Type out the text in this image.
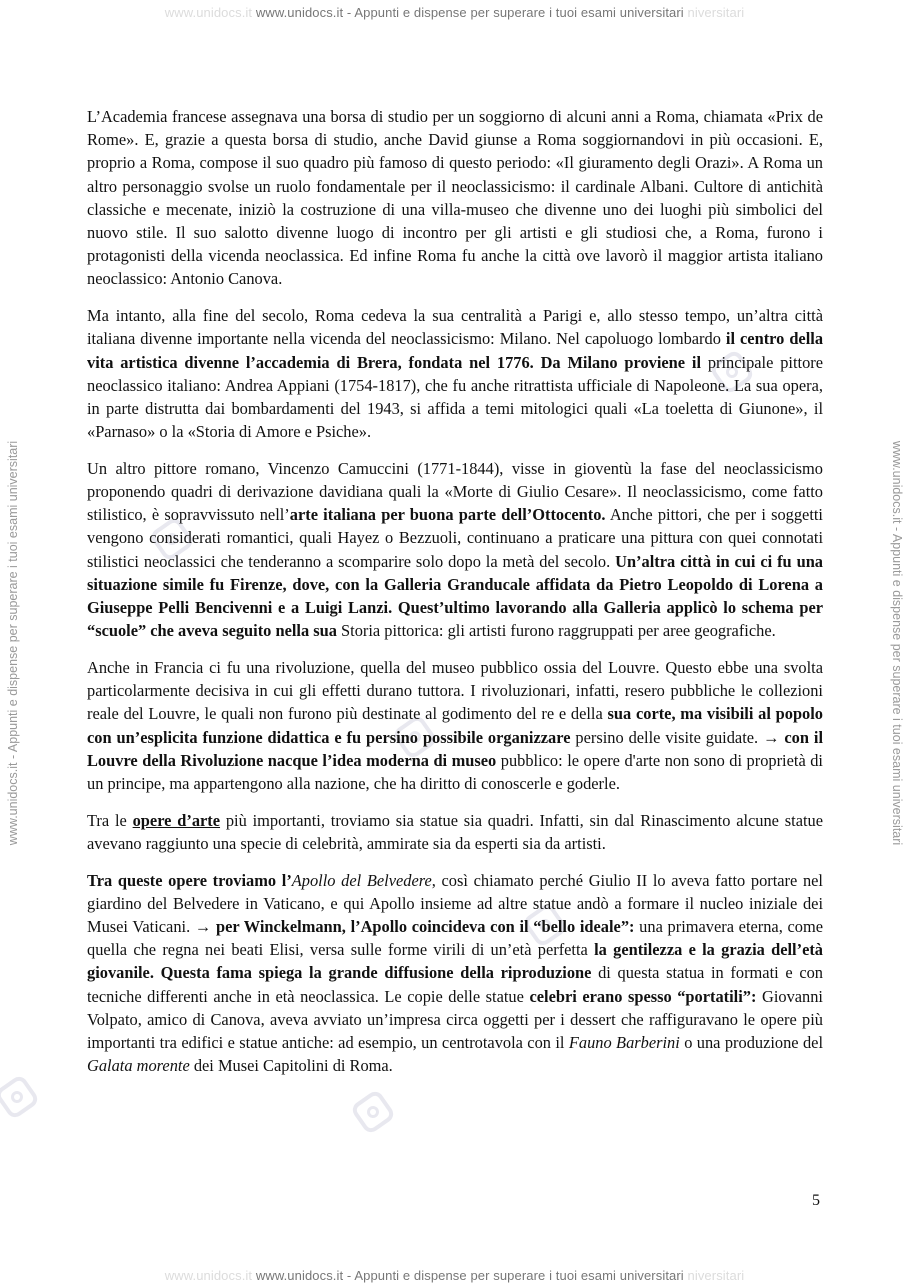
www.unidocs.it www.unidocs.it - Appunti e dispense per superare i tuoi esami universitari niversitari
www.unidocs.it - Appunti e dispense per superare i tuoi esami universitari	www.unidocs.it - Appunti e dispense per superare i tuoi esami universitari

L’Academia francese assegnava una borsa di studio per un soggiorno di alcuni anni a Roma, chiamata «Prix de Rome». E, grazie a questa borsa di studio, anche David giunse a Roma soggiornandovi in più occasioni. E, proprio a Roma, compose il suo quadro più famoso di questo periodo: «Il giuramento degli Orazi». A Roma un altro personaggio svolse un ruolo fondamentale per il neoclassicismo: il cardinale Albani. Cultore di antichità classiche e mecenate, iniziò la costruzione di una villa-museo che divenne uno dei luoghi più simbolici del nuovo stile. Il suo salotto divenne luogo di incontro per gli artisti e gli studiosi che, a Roma, furono i protagonisti della vicenda neoclassica. Ed infine Roma fu anche la città ove lavorò il maggior artista italiano neoclassico: Antonio Canova.

Ma intanto, alla fine del secolo, Roma cedeva la sua centralità a Parigi e, allo stesso tempo, un’altra città italiana divenne importante nella vicenda del neoclassicismo: Milano. Nel capoluogo lombardo il centro della vita artistica divenne l’accademia di Brera, fondata nel 1776. Da Milano proviene il principale pittore neoclassico italiano: Andrea Appiani (1754-1817), che fu anche ritrattista ufficiale di Napoleone. La sua opera, in parte distrutta dai bombardamenti del 1943, si affida a temi mitologici quali «La toeletta di Giunone», il «Parnaso» o la «Storia di Amore e Psiche».

Un altro pittore romano, Vincenzo Camuccini (1771-1844), visse in gioventù la fase del neoclassicismo proponendo quadri di derivazione davidiana quali la «Morte di Giulio Cesare». Il neoclassicismo, come fatto stilistico, è sopravvissuto nell’arte italiana per buona parte dell’Ottocento. Anche pittori, che per i soggetti vengono considerati romantici, quali Hayez o Bezzuoli, continuano a praticare una pittura con quei connotati stilistici neoclassici che tenderanno a scomparire solo dopo la metà del secolo. Un’altra città in cui ci fu una situazione simile fu Firenze, dove, con la Galleria Granducale affidata da Pietro Leopoldo di Lorena a Giuseppe Pelli Bencivenni e a Luigi Lanzi. Quest’ultimo lavorando alla Galleria applicò lo schema per “scuole” che aveva seguito nella sua Storia pittorica: gli artisti furono raggruppati per aree geografiche.

Anche in Francia ci fu una rivoluzione, quella del museo pubblico ossia del Louvre. Questo ebbe una svolta particolarmente decisiva in cui gli effetti durano tuttora. I rivoluzionari, infatti, resero pubbliche le collezioni reale del Louvre, le quali non furono più destinate al godimento del re e della sua corte, ma visibili al popolo con un’esplicita funzione didattica e fu persino possibile organizzare persino delle visite guidate. → con il Louvre della Rivoluzione nacque l’idea moderna di museo pubblico: le opere d'arte non sono di proprietà di un principe, ma appartengono alla nazione, che ha diritto di conoscerle e goderle.

Tra le opere d’arte più importanti, troviamo sia statue sia quadri. Infatti, sin dal Rinascimento alcune statue avevano raggiunto una specie di celebrità, ammirate sia da esperti sia da artisti.

Tra queste opere troviamo l’Apollo del Belvedere, così chiamato perché Giulio II lo aveva fatto portare nel giardino del Belvedere in Vaticano, e qui Apollo insieme ad altre statue andò a formare il nucleo iniziale dei Musei Vaticani. → per Winckelmann, l’Apollo coincideva con il “bello ideale”: una primavera eterna, come quella che regna nei beati Elisi, versa sulle forme virili di un’età perfetta la gentilezza e la grazia dell’età giovanile. Questa fama spiega la grande diffusione della riproduzione di questa statua in formati e con tecniche differenti anche in età neoclassica. Le copie delle statue celebri erano spesso “portatili”: Giovanni Volpato, amico di Canova, aveva avviato un’impresa circa oggetti per i dessert che raffiguravano le opere più importanti tra edifici e statue antiche: ad esempio, un centrotavola con il Fauno Barberini o una produzione del Galata morente dei Musei Capitolini di Roma.

5
www.unidocs.it www.unidocs.it - Appunti e dispense per superare i tuoi esami universitari niversitari
